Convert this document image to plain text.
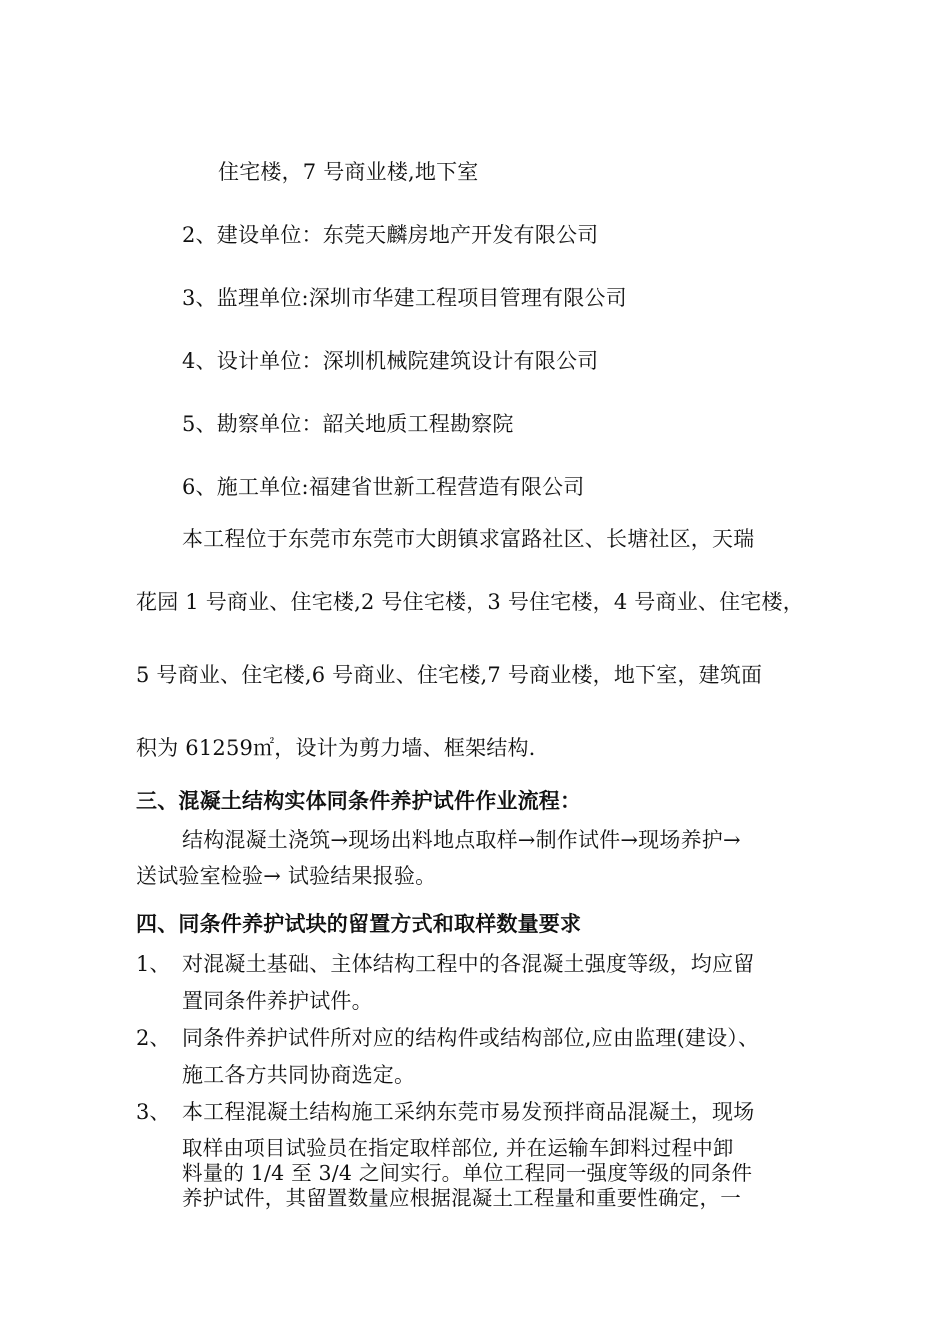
住宅楼，7 号商业楼,地下室
2、建设单位：东莞天麟房地产开发有限公司
3、监理单位:深圳市华建工程项目管理有限公司
4、设计单位：深圳机械院建筑设计有限公司
5、勘察单位：韶关地质工程勘察院
6、施工单位:福建省世新工程营造有限公司
本工程位于东莞市东莞市大朗镇求富路社区、长塘社区，天瑞
花园 1 号商业、住宅楼,2 号住宅楼，3 号住宅楼，4 号商业、住宅楼，
5 号商业、住宅楼,6 号商业、住宅楼,7 号商业楼，地下室，建筑面
积为 61259㎡，设计为剪力墙、框架结构.
三、混凝土结构实体同条件养护试件作业流程：
结构混凝土浇筑→现场出料地点取样→制作试件→现场养护→
送试验室检验→ 试验结果报验。
四、同条件养护试块的留置方式和取样数量要求
1、 对混凝土基础、主体结构工程中的各混凝土强度等级，均应留
置同条件养护试件。
2、 同条件养护试件所对应的结构件或结构部位,应由监理(建设）、
施工各方共同协商选定。
3、 本工程混凝土结构施工采纳东莞市易发预拌商品混凝土，现场
取样由项目试验员在指定取样部位, 并在运输车卸料过程中卸
料量的 1/4 至 3/4 之间实行。单位工程同一强度等级的同条件
养护试件，其留置数量应根据混凝土工程量和重要性确定，一
